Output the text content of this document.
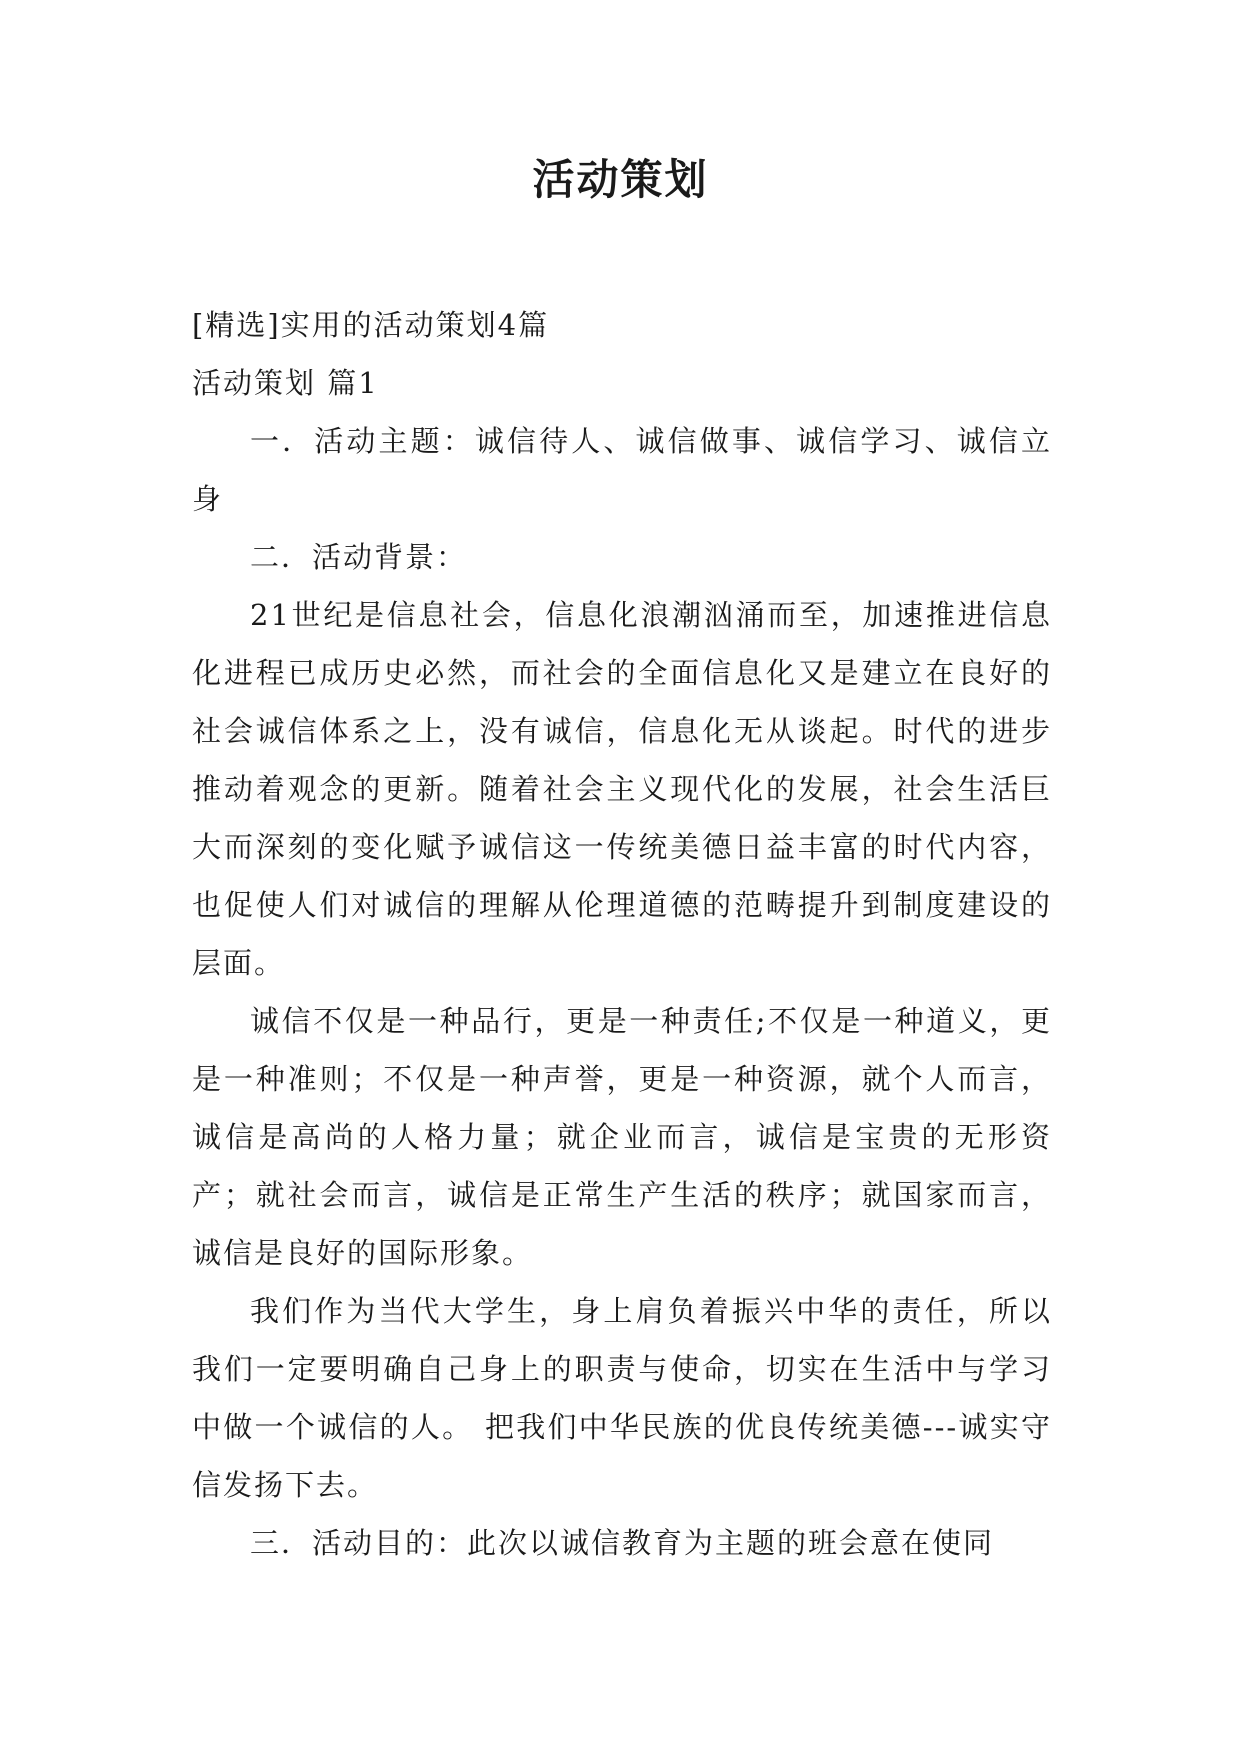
活动策划

[精选]实用的活动策划4篇

活动策划 篇1

一．活动主题：诚信待人、诚信做事、诚信学习、诚信立身

二．活动背景：

21世纪是信息社会，信息化浪潮汹涌而至，加速推进信息化进程已成历史必然，而社会的全面信息化又是建立在良好的社会诚信体系之上，没有诚信，信息化无从谈起。时代的进步推动着观念的更新。随着社会主义现代化的发展，社会生活巨大而深刻的变化赋予诚信这一传统美德日益丰富的时代内容，也促使人们对诚信的理解从伦理道德的范畴提升到制度建设的层面。

诚信不仅是一种品行，更是一种责任;不仅是一种道义，更是一种准则；不仅是一种声誉，更是一种资源，就个人而言，诚信是高尚的人格力量；就企业而言，诚信是宝贵的无形资产；就社会而言，诚信是正常生产生活的秩序；就国家而言，诚信是良好的国际形象。

我们作为当代大学生，身上肩负着振兴中华的责任，所以我们一定要明确自己身上的职责与使命，切实在生活中与学习中做一个诚信的人。 把我们中华民族的优良传统美德---诚实守信发扬下去。

三．活动目的：此次以诚信教育为主题的班会意在使同
